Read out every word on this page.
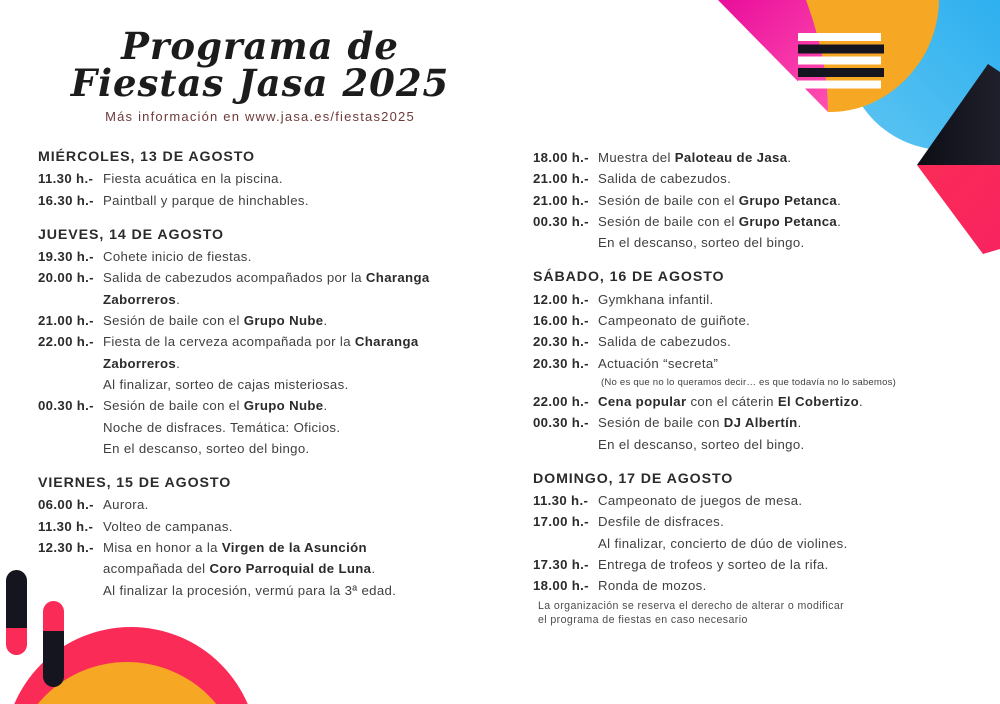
Programa de
Fiestas Jasa 2025
Más información en www.jasa.es/fiestas2025
MIÉRCOLES, 13 DE AGOSTO
11.30 h.- Fiesta acuática en la piscina.
16.30 h.- Paintball y parque de hinchables.
JUEVES, 14 DE AGOSTO
19.30 h.- Cohete inicio de fiestas.
20.00 h.- Salida de cabezudos acompañados por la Charanga
Zaborreros.
21.00 h.- Sesión de baile con el Grupo Nube.
22.00 h.- Fiesta de la cerveza acompañada por la Charanga
Zaborreros.
Al finalizar, sorteo de cajas misteriosas.
00.30 h.- Sesión de baile con el Grupo Nube.
Noche de disfraces. Temática: Oficios.
En el descanso, sorteo del bingo.
VIERNES, 15 DE AGOSTO
06.00 h.- Aurora.
11.30 h.- Volteo de campanas.
12.30 h.- Misa en honor a la Virgen de la Asunción
acompañada del Coro Parroquial de Luna.
Al finalizar la procesión, vermú para la 3ª edad.
18.00 h.- Muestra del Paloteau de Jasa.
21.00 h.- Salida de cabezudos.
21.00 h.- Sesión de baile con el Grupo Petanca.
00.30 h.- Sesión de baile con el Grupo Petanca.
En el descanso, sorteo del bingo.
SÁBADO, 16 DE AGOSTO
12.00 h.- Gymkhana infantil.
16.00 h.- Campeonato de guiñote.
20.30 h.- Salida de cabezudos.
20.30 h.- Actuación “secreta”
(No es que no lo queramos decir… es que todavía no lo sabemos)
22.00 h.- Cena popular con el cáterin El Cobertizo.
00.30 h.- Sesión de baile con DJ Albertín.
En el descanso, sorteo del bingo.
DOMINGO, 17 DE AGOSTO
11.30 h.- Campeonato de juegos de mesa.
17.00 h.- Desfile de disfraces.
Al finalizar, concierto de dúo de violines.
17.30 h.- Entrega de trofeos y sorteo de la rifa.
18.00 h.- Ronda de mozos.
La organización se reserva el derecho de alterar o modificar
el programa de fiestas en caso necesario
